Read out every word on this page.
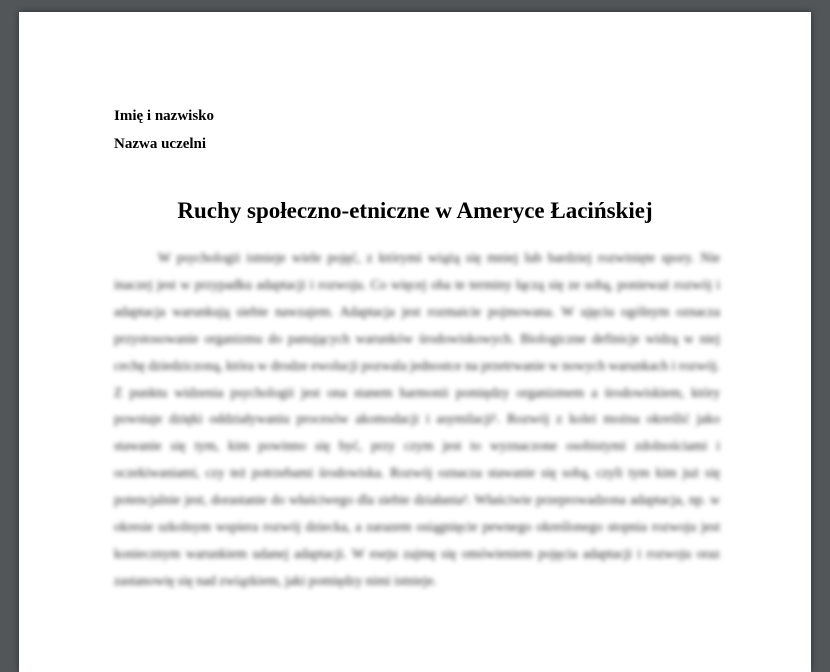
Imię i nazwisko
Nazwa uczelni
Ruchy społeczno-etniczne w Ameryce Łacińskiej

W psychologii istnieje wiele pojęć, z którymi wiążą się mniej lub bardziej rozwinięte spory. Nie inaczej jest w przypadku adaptacji i rozwoju. Co więcej oba te terminy łączą się ze sobą, ponieważ rozwój i adaptacja warunkują siebie nawzajem. Adaptacja jest rozmaicie pojmowana. W ujęciu ogólnym oznacza przystosowanie organizmu do panujących warunków środowiskowych. Biologiczne definicje widzą w niej cechę dziedziczoną, która w drodze ewolucji pozwala jednostce na przetrwanie w nowych warunkach i rozwój. Z punktu widzenia psychologii jest ona stanem harmonii pomiędzy organizmem a środowiskiem, który powstaje dzięki oddziaływaniu procesów akomodacji i asymilacji¹. Rozwój z kolei można określić jako stawanie się tym, kim powinno się być, przy czym jest to wyznaczone osobistymi zdolnościami i oczekiwaniami, czy też potrzebami środowiska. Rozwój oznacza stawanie się sobą, czyli tym kim już się potencjalnie jest, dorastanie do właściwego dla siebie działania². Właściwie przeprowadzona adaptacja, np. w okresie szkolnym wspiera rozwój dziecka, a zarazem osiągnięcie pewnego określonego stopnia rozwoju jest koniecznym warunkiem udanej adaptacji. W eseju zajmę się omówieniem pojęcia adaptacji i rozwoju oraz zastanowię się nad związkiem, jaki pomiędzy nimi istnieje.
